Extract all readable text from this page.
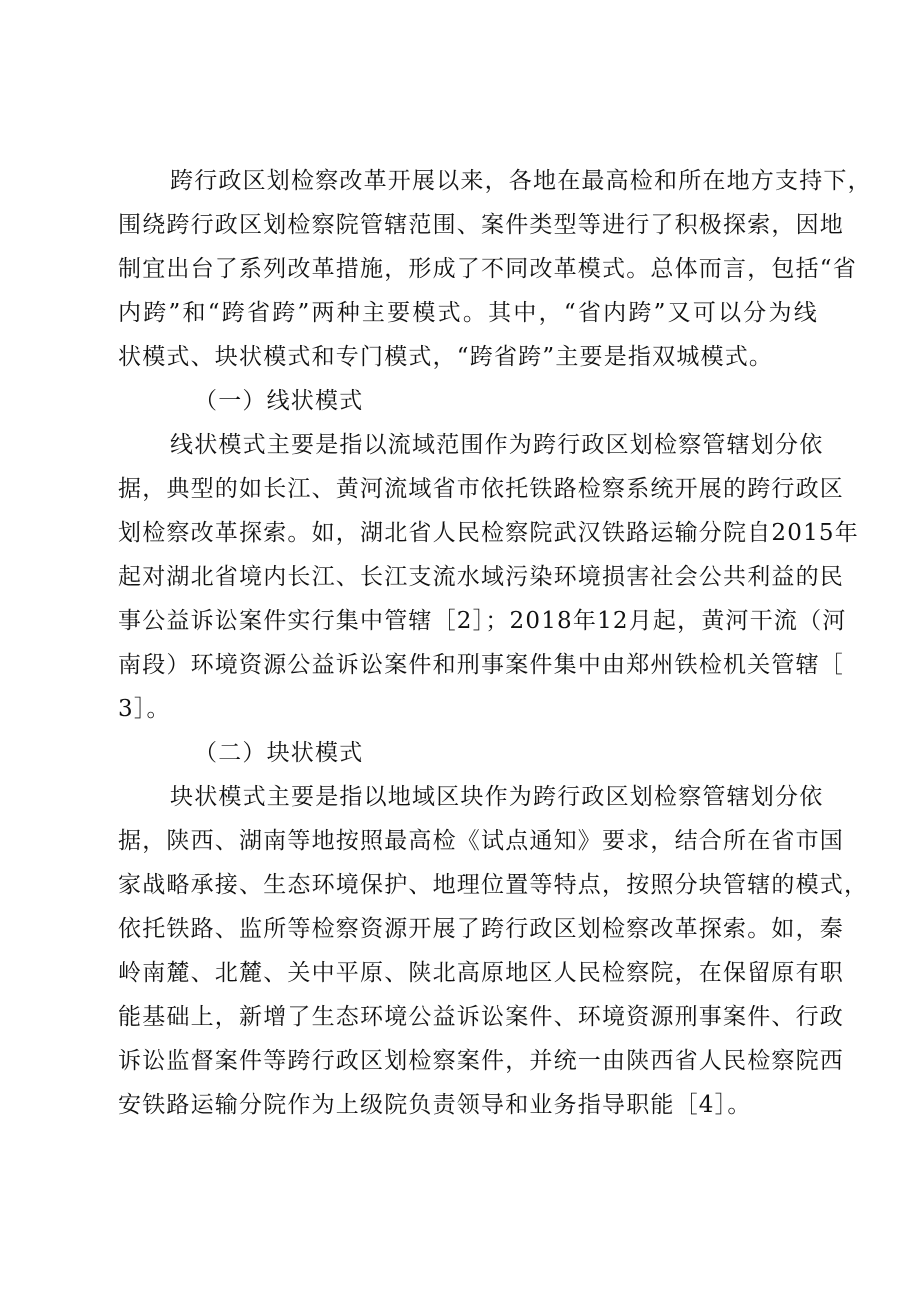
跨行政区划检察改革开展以来，各地在最高检和所在地方支持下，
围绕跨行政区划检察院管辖范围、案件类型等进行了积极探索，因地
制宜出台了系列改革措施，形成了不同改革模式。总体而言，包括“省
内跨”和“跨省跨”两种主要模式。其中，“省内跨”又可以分为线
状模式、块状模式和专门模式，“跨省跨”主要是指双城模式。
（一）线状模式
线状模式主要是指以流域范围作为跨行政区划检察管辖划分依
据，典型的如长江、黄河流域省市依托铁路检察系统开展的跨行政区
划检察改革探索。如，湖北省人民检察院武汉铁路运输分院自2015年
起对湖北省境内长江、长江支流水域污染环境损害社会公共利益的民
事公益诉讼案件实行集中管辖［2］；2018年12月起，黄河干流（河
南段）环境资源公益诉讼案件和刑事案件集中由郑州铁检机关管辖［
3］。
（二）块状模式
块状模式主要是指以地域区块作为跨行政区划检察管辖划分依
据，陕西、湖南等地按照最高检《试点通知》要求，结合所在省市国
家战略承接、生态环境保护、地理位置等特点，按照分块管辖的模式，
依托铁路、监所等检察资源开展了跨行政区划检察改革探索。如，秦
岭南麓、北麓、关中平原、陕北高原地区人民检察院，在保留原有职
能基础上，新增了生态环境公益诉讼案件、环境资源刑事案件、行政
诉讼监督案件等跨行政区划检察案件，并统一由陕西省人民检察院西
安铁路运输分院作为上级院负责领导和业务指导职能［4］。
